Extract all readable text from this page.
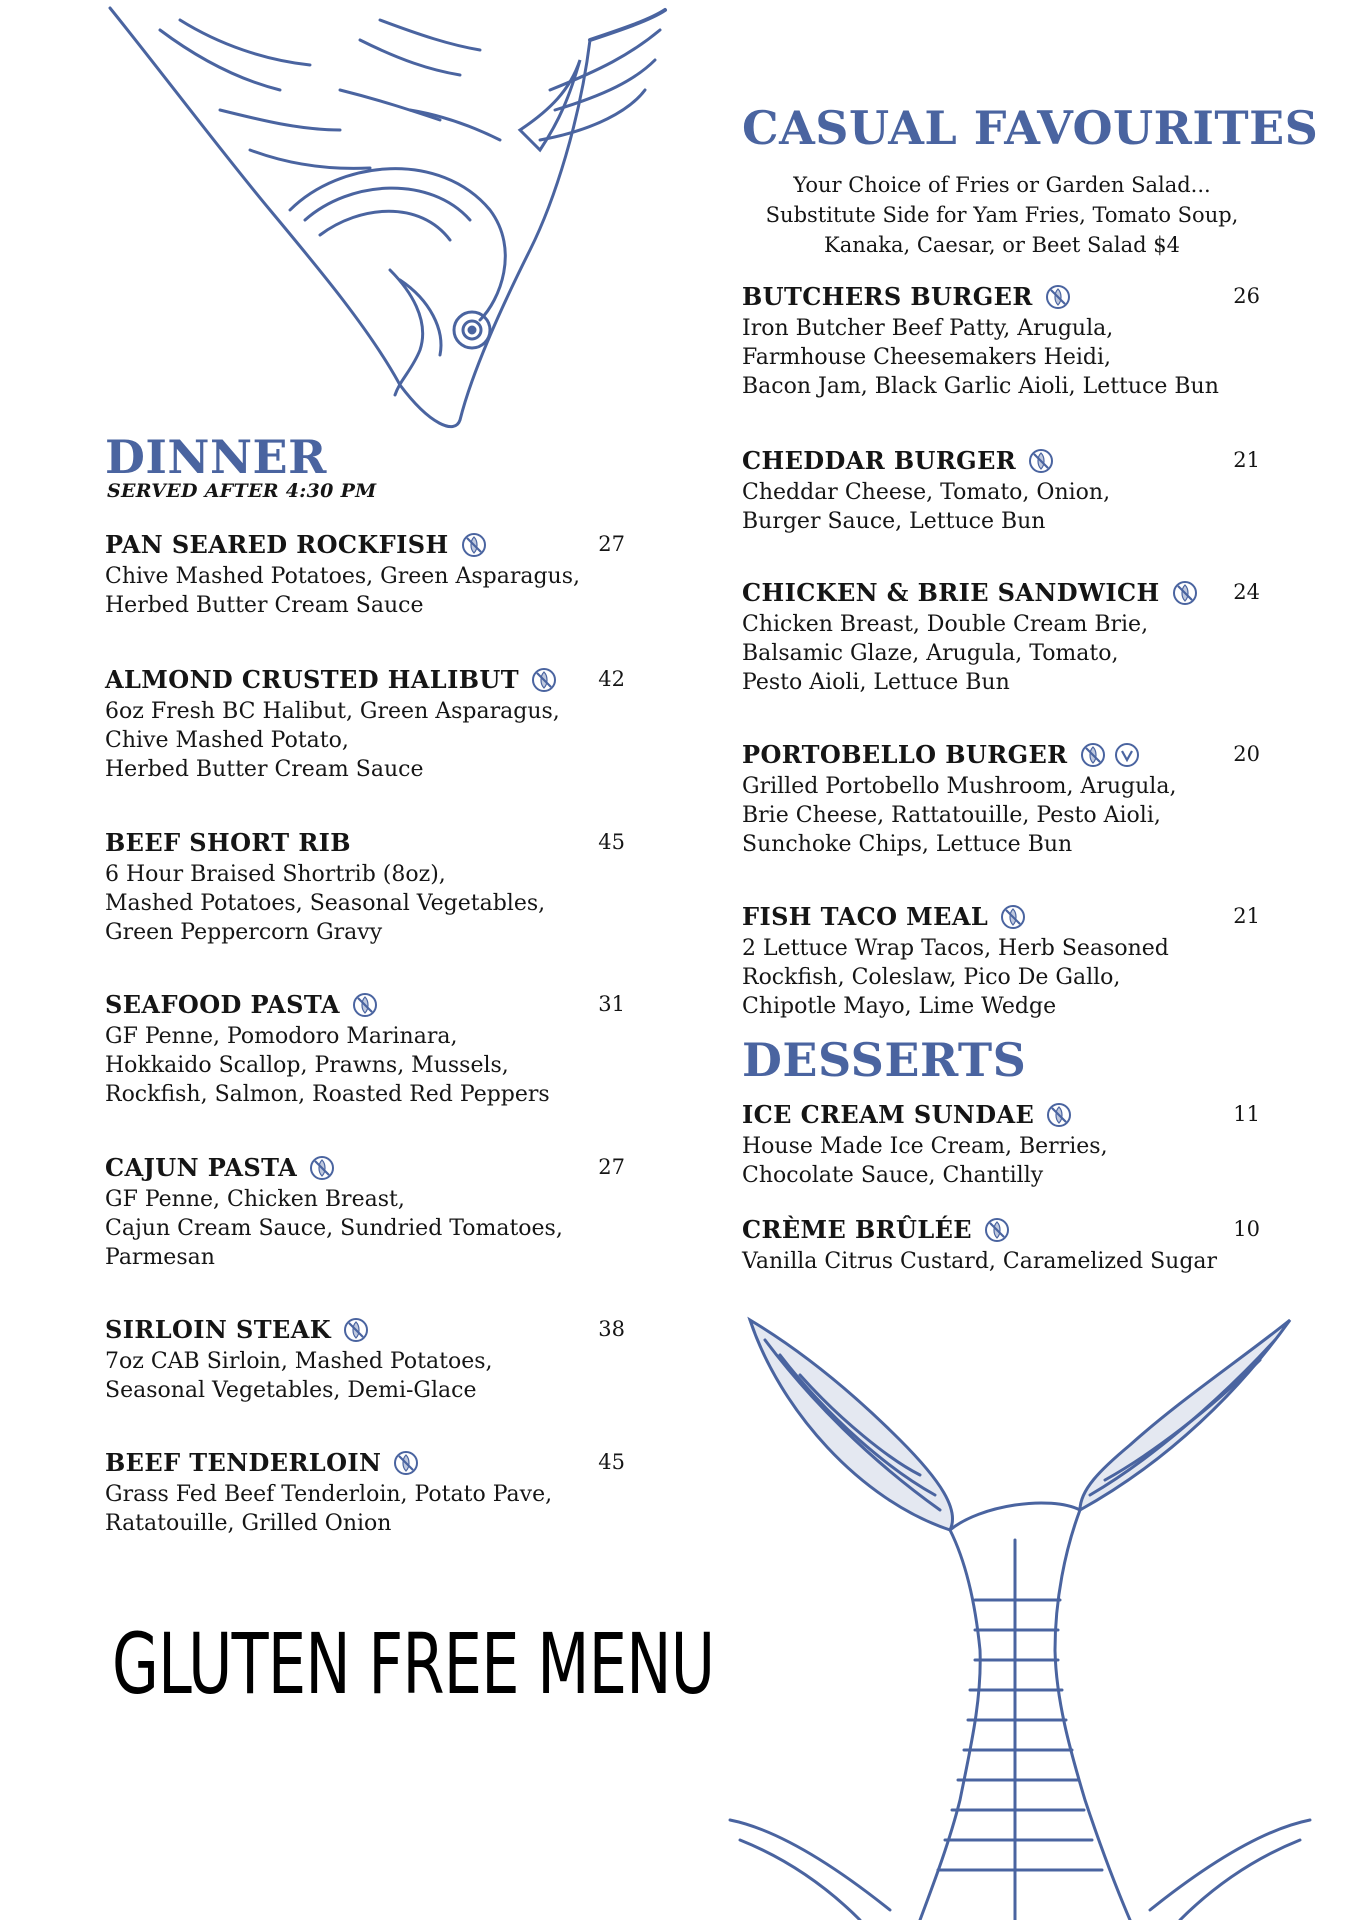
DINNER
SERVED AFTER 4:30 PM
PAN SEARED ROCKFISH	27
Chive Mashed Potatoes, Green Asparagus,
Herbed Butter Cream Sauce
ALMOND CRUSTED HALIBUT	42
6oz Fresh BC Halibut, Green Asparagus,
Chive Mashed Potato,
Herbed Butter Cream Sauce
BEEF SHORT RIB	45
6 Hour Braised Shortrib (8oz),
Mashed Potatoes, Seasonal Vegetables,
Green Peppercorn Gravy
SEAFOOD PASTA	31
GF Penne, Pomodoro Marinara,
Hokkaido Scallop, Prawns, Mussels,
Rockfish, Salmon, Roasted Red Peppers
CAJUN PASTA	27
GF Penne, Chicken Breast,
Cajun Cream Sauce, Sundried Tomatoes,
Parmesan
SIRLOIN STEAK	38
7oz CAB Sirloin, Mashed Potatoes,
Seasonal Vegetables, Demi-Glace
BEEF TENDERLOIN	45
Grass Fed Beef Tenderloin, Potato Pave,
Ratatouille, Grilled Onion
CASUAL FAVOURITES
Your Choice of Fries or Garden Salad...
Substitute Side for Yam Fries, Tomato Soup,
Kanaka, Caesar, or Beet Salad $4
BUTCHERS BURGER	26
Iron Butcher Beef Patty, Arugula,
Farmhouse Cheesemakers Heidi,
Bacon Jam, Black Garlic Aioli, Lettuce Bun
CHEDDAR BURGER	21
Cheddar Cheese, Tomato, Onion,
Burger Sauce, Lettuce Bun
CHICKEN & BRIE SANDWICH	24
Chicken Breast, Double Cream Brie,
Balsamic Glaze, Arugula, Tomato,
Pesto Aioli, Lettuce Bun
PORTOBELLO BURGER	20
Grilled Portobello Mushroom, Arugula,
Brie Cheese, Rattatouille, Pesto Aioli,
Sunchoke Chips, Lettuce Bun
FISH TACO MEAL	21
2 Lettuce Wrap Tacos, Herb Seasoned
Rockfish, Coleslaw, Pico De Gallo,
Chipotle Mayo, Lime Wedge
DESSERTS
ICE CREAM SUNDAE	11
House Made Ice Cream, Berries,
Chocolate Sauce, Chantilly
CRÈME BRÛLÉE	10
Vanilla Citrus Custard, Caramelized Sugar
GLUTEN FREE MENU
